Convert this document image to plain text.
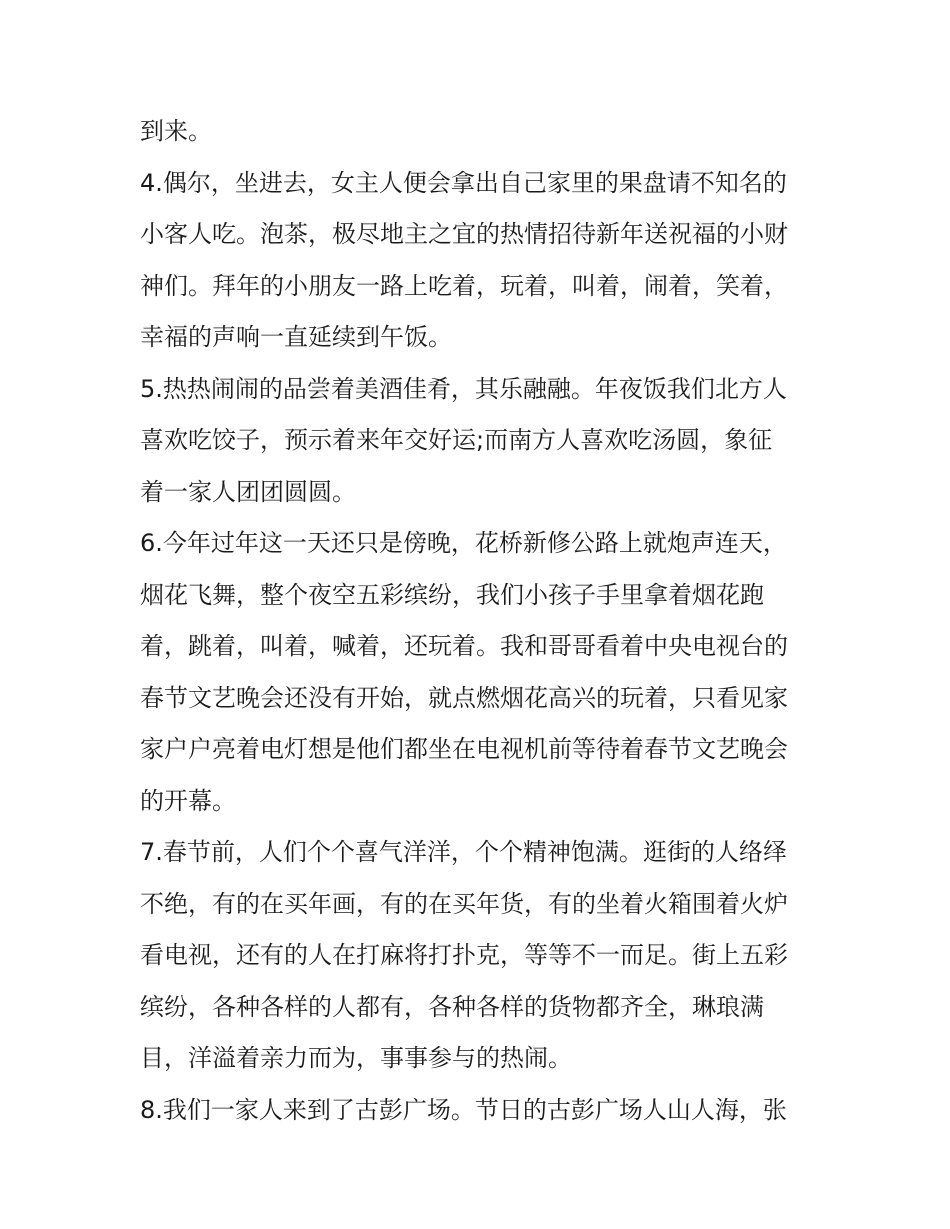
到来。
4.偶尔，坐进去，女主人便会拿出自己家里的果盘请不知名的
小客人吃。泡茶，极尽地主之宜的热情招待新年送祝福的小财
神们。拜年的小朋友一路上吃着，玩着，叫着，闹着，笑着，
幸福的声响一直延续到午饭。
5.热热闹闹的品尝着美酒佳肴，其乐融融。年夜饭我们北方人
喜欢吃饺子，预示着来年交好运;而南方人喜欢吃汤圆，象征
着一家人团团圆圆。
6.今年过年这一天还只是傍晚，花桥新修公路上就炮声连天，
烟花飞舞，整个夜空五彩缤纷，我们小孩子手里拿着烟花跑
着，跳着，叫着，喊着，还玩着。我和哥哥看着中央电视台的
春节文艺晚会还没有开始，就点燃烟花高兴的玩着，只看见家
家户户亮着电灯想是他们都坐在电视机前等待着春节文艺晚会
的开幕。
7.春节前，人们个个喜气洋洋，个个精神饱满。逛街的人络绎
不绝，有的在买年画，有的在买年货，有的坐着火箱围着火炉
看电视，还有的人在打麻将打扑克，等等不一而足。街上五彩
缤纷，各种各样的人都有，各种各样的货物都齐全，琳琅满
目，洋溢着亲力而为，事事参与的热闹。
8.我们一家人来到了古彭广场。节日的古彭广场人山人海，张
